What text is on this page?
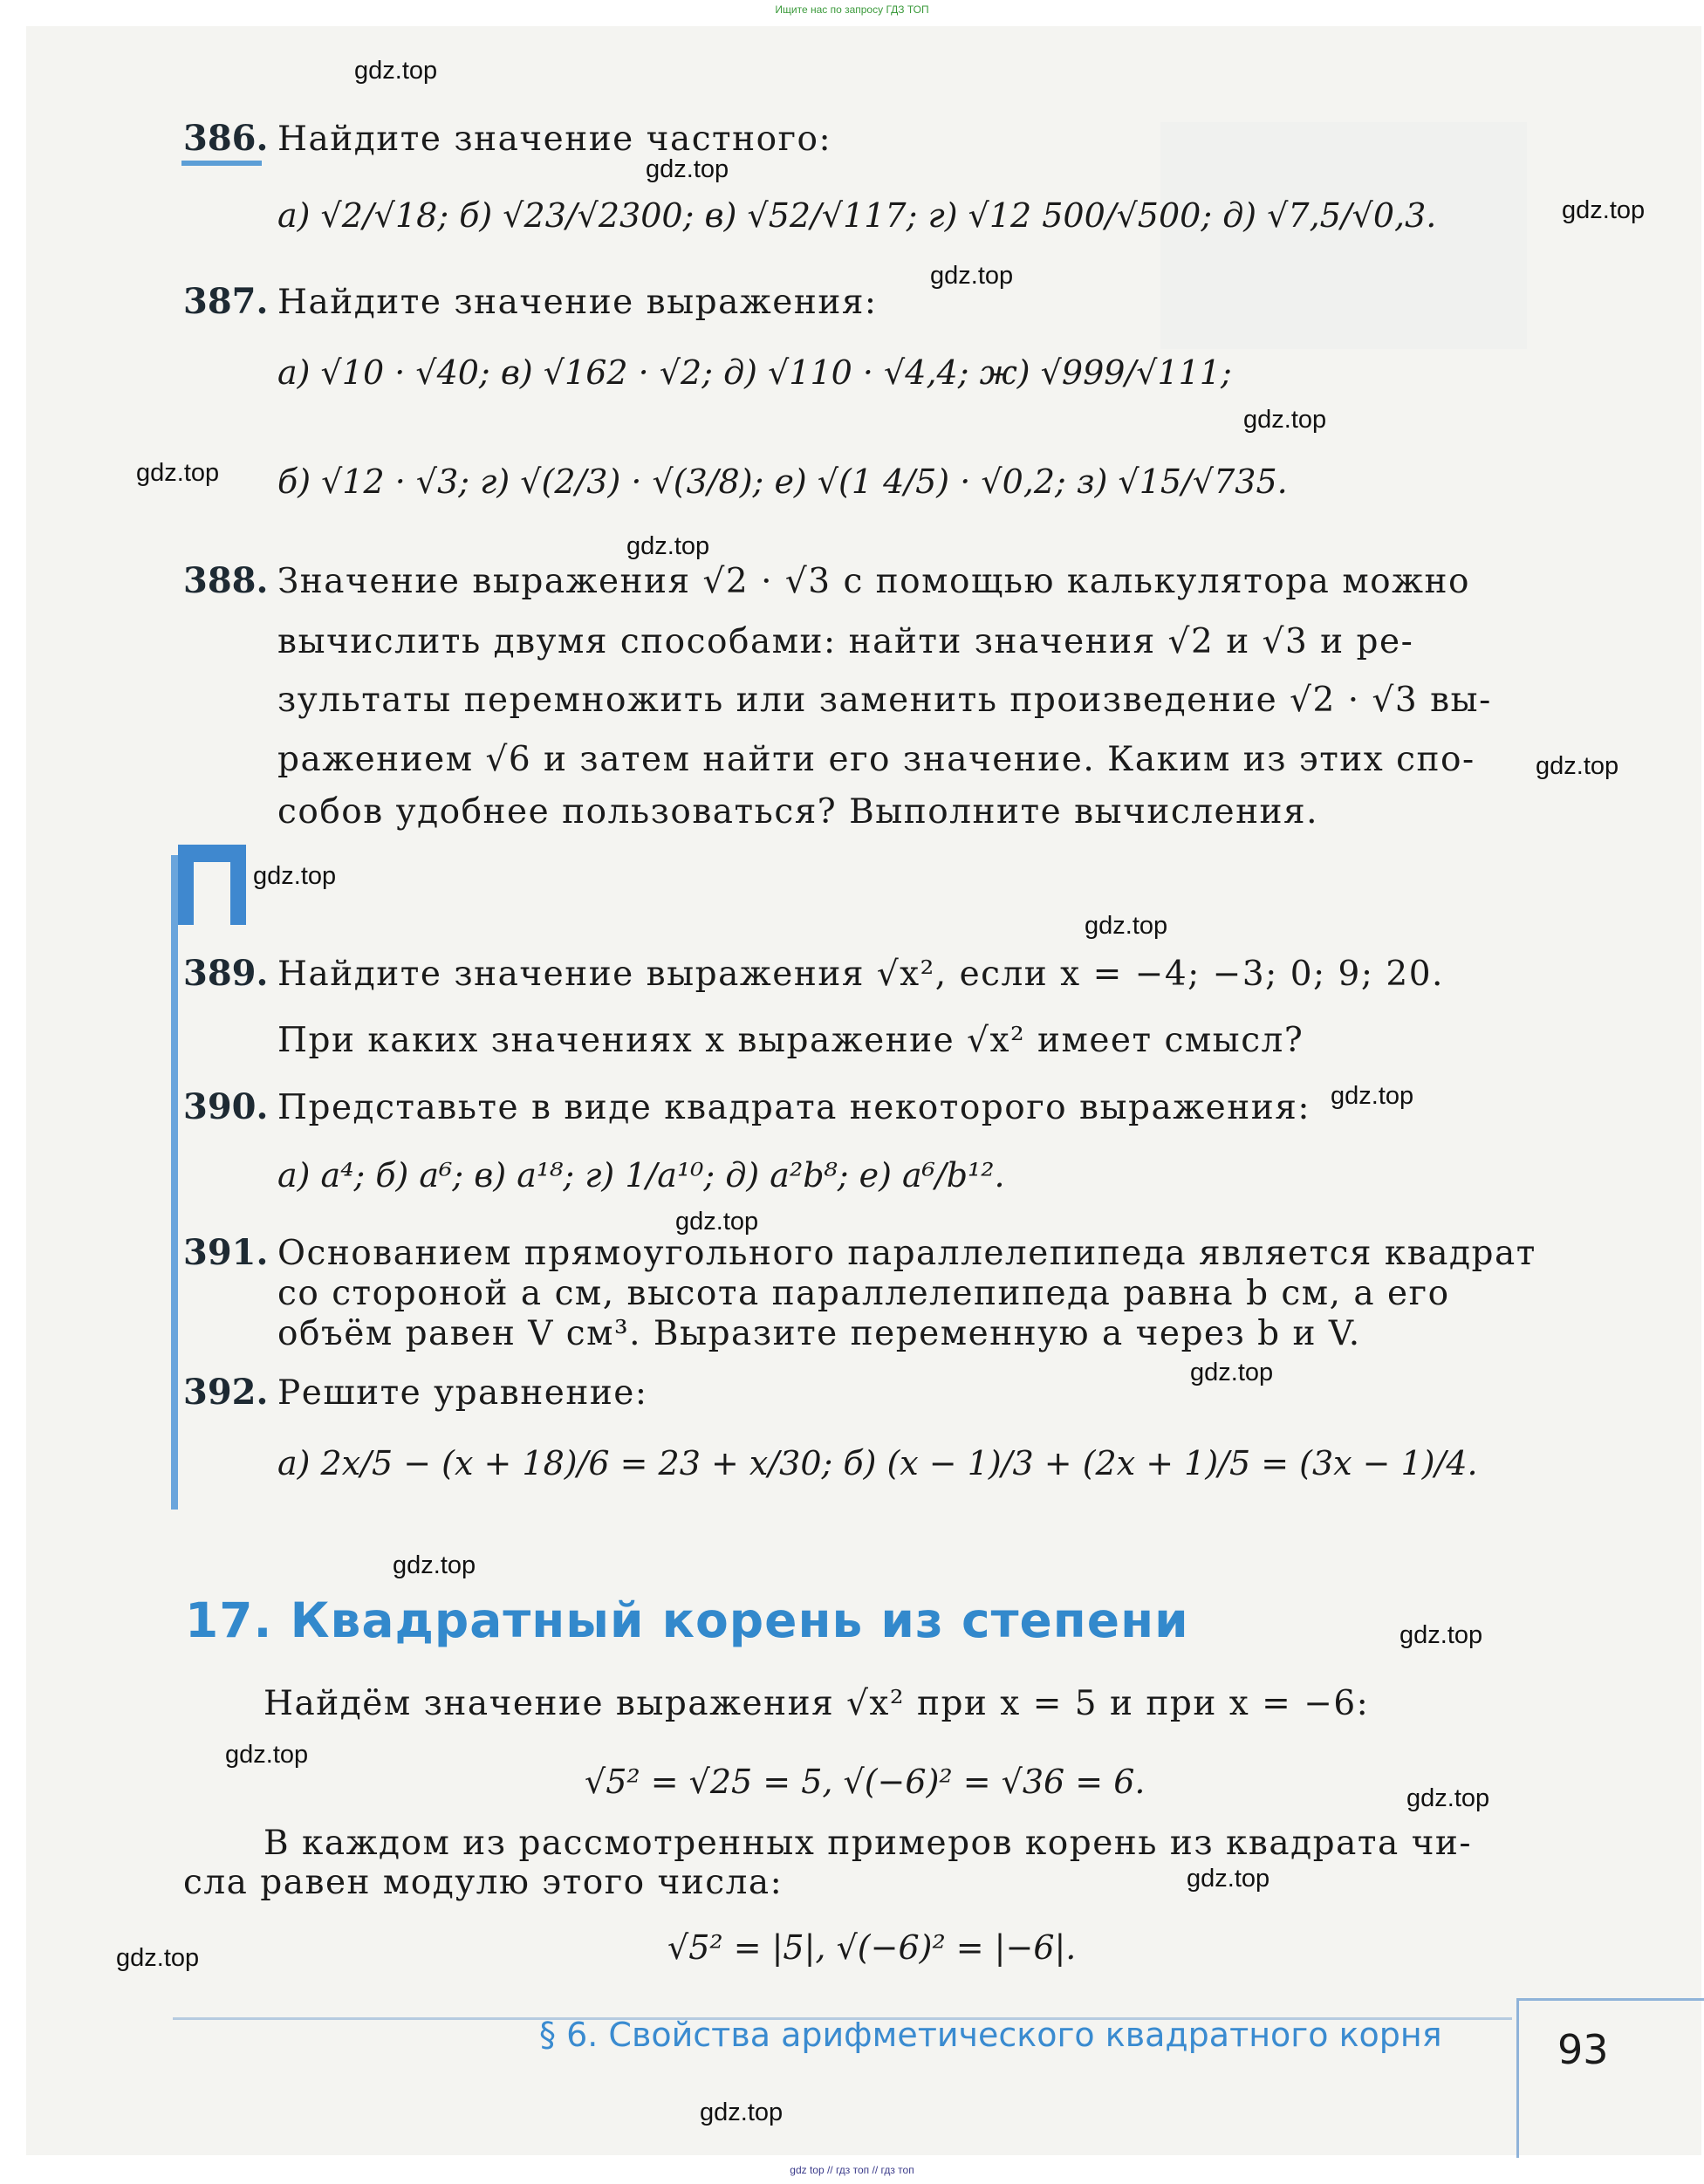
Ищите нас по запросу ГДЗ ТОП
386. Найдите значение частного:
а) √2/√18; б) √23/√2300; в) √52/√117; г) √12 500/√500; д) √7,5/√0,3.
387. Найдите значение выражения:
а) √10 · √40; в) √162 · √2; д) √110 · √4,4; ж) √999/√111;
б) √12 · √3; г) √(2/3) · √(3/8); е) √(1 4/5) · √0,2; з) √15/√735.
388. Значение выражения √2 · √3 с помощью калькулятора можно
вычислить двумя способами: найти значения √2 и √3 и ре-
зультаты перемножить или заменить произведение √2 · √3 вы-
ражением √6 и затем найти его значение. Каким из этих спо-
собов удобнее пользоваться? Выполните вычисления.
389. Найдите значение выражения √x², если x = −4; −3; 0; 9; 20.
При каких значениях x выражение √x² имеет смысл?
390. Представьте в виде квадрата некоторого выражения:
а) a⁴; б) a⁶; в) a¹⁸; г) 1/a¹⁰; д) a²b⁸; е) a⁶/b¹².
391. Основанием прямоугольного параллелепипеда является квадрат
со стороной a см, высота параллелепипеда равна b см, а его
объём равен V см³. Выразите переменную a через b и V.
392. Решите уравнение:
а) 2x/5 − (x + 18)/6 = 23 + x/30; б) (x − 1)/3 + (2x + 1)/5 = (3x − 1)/4.
17. Квадратный корень из степени
Найдём значение выражения √x² при x = 5 и при x = −6:
√5² = √25 = 5, √(−6)² = √36 = 6.
В каждом из рассмотренных примеров корень из квадрата чи-
сла равен модулю этого числа:
√5² = |5|, √(−6)² = |−6|.
§ 6. Свойства арифметического квадратного корня	93
gdz.top
gdz.top
gdz.top
gdz.top
gdz.top
gdz.top
gdz.top
gdz.top
gdz.top
gdz.top
gdz.top
gdz.top
gdz.top
gdz.top
gdz.top
gdz.top
gdz.top
gdz.top
gdz.top
gdz.top
gdz top // гдз топ // гдз топ
